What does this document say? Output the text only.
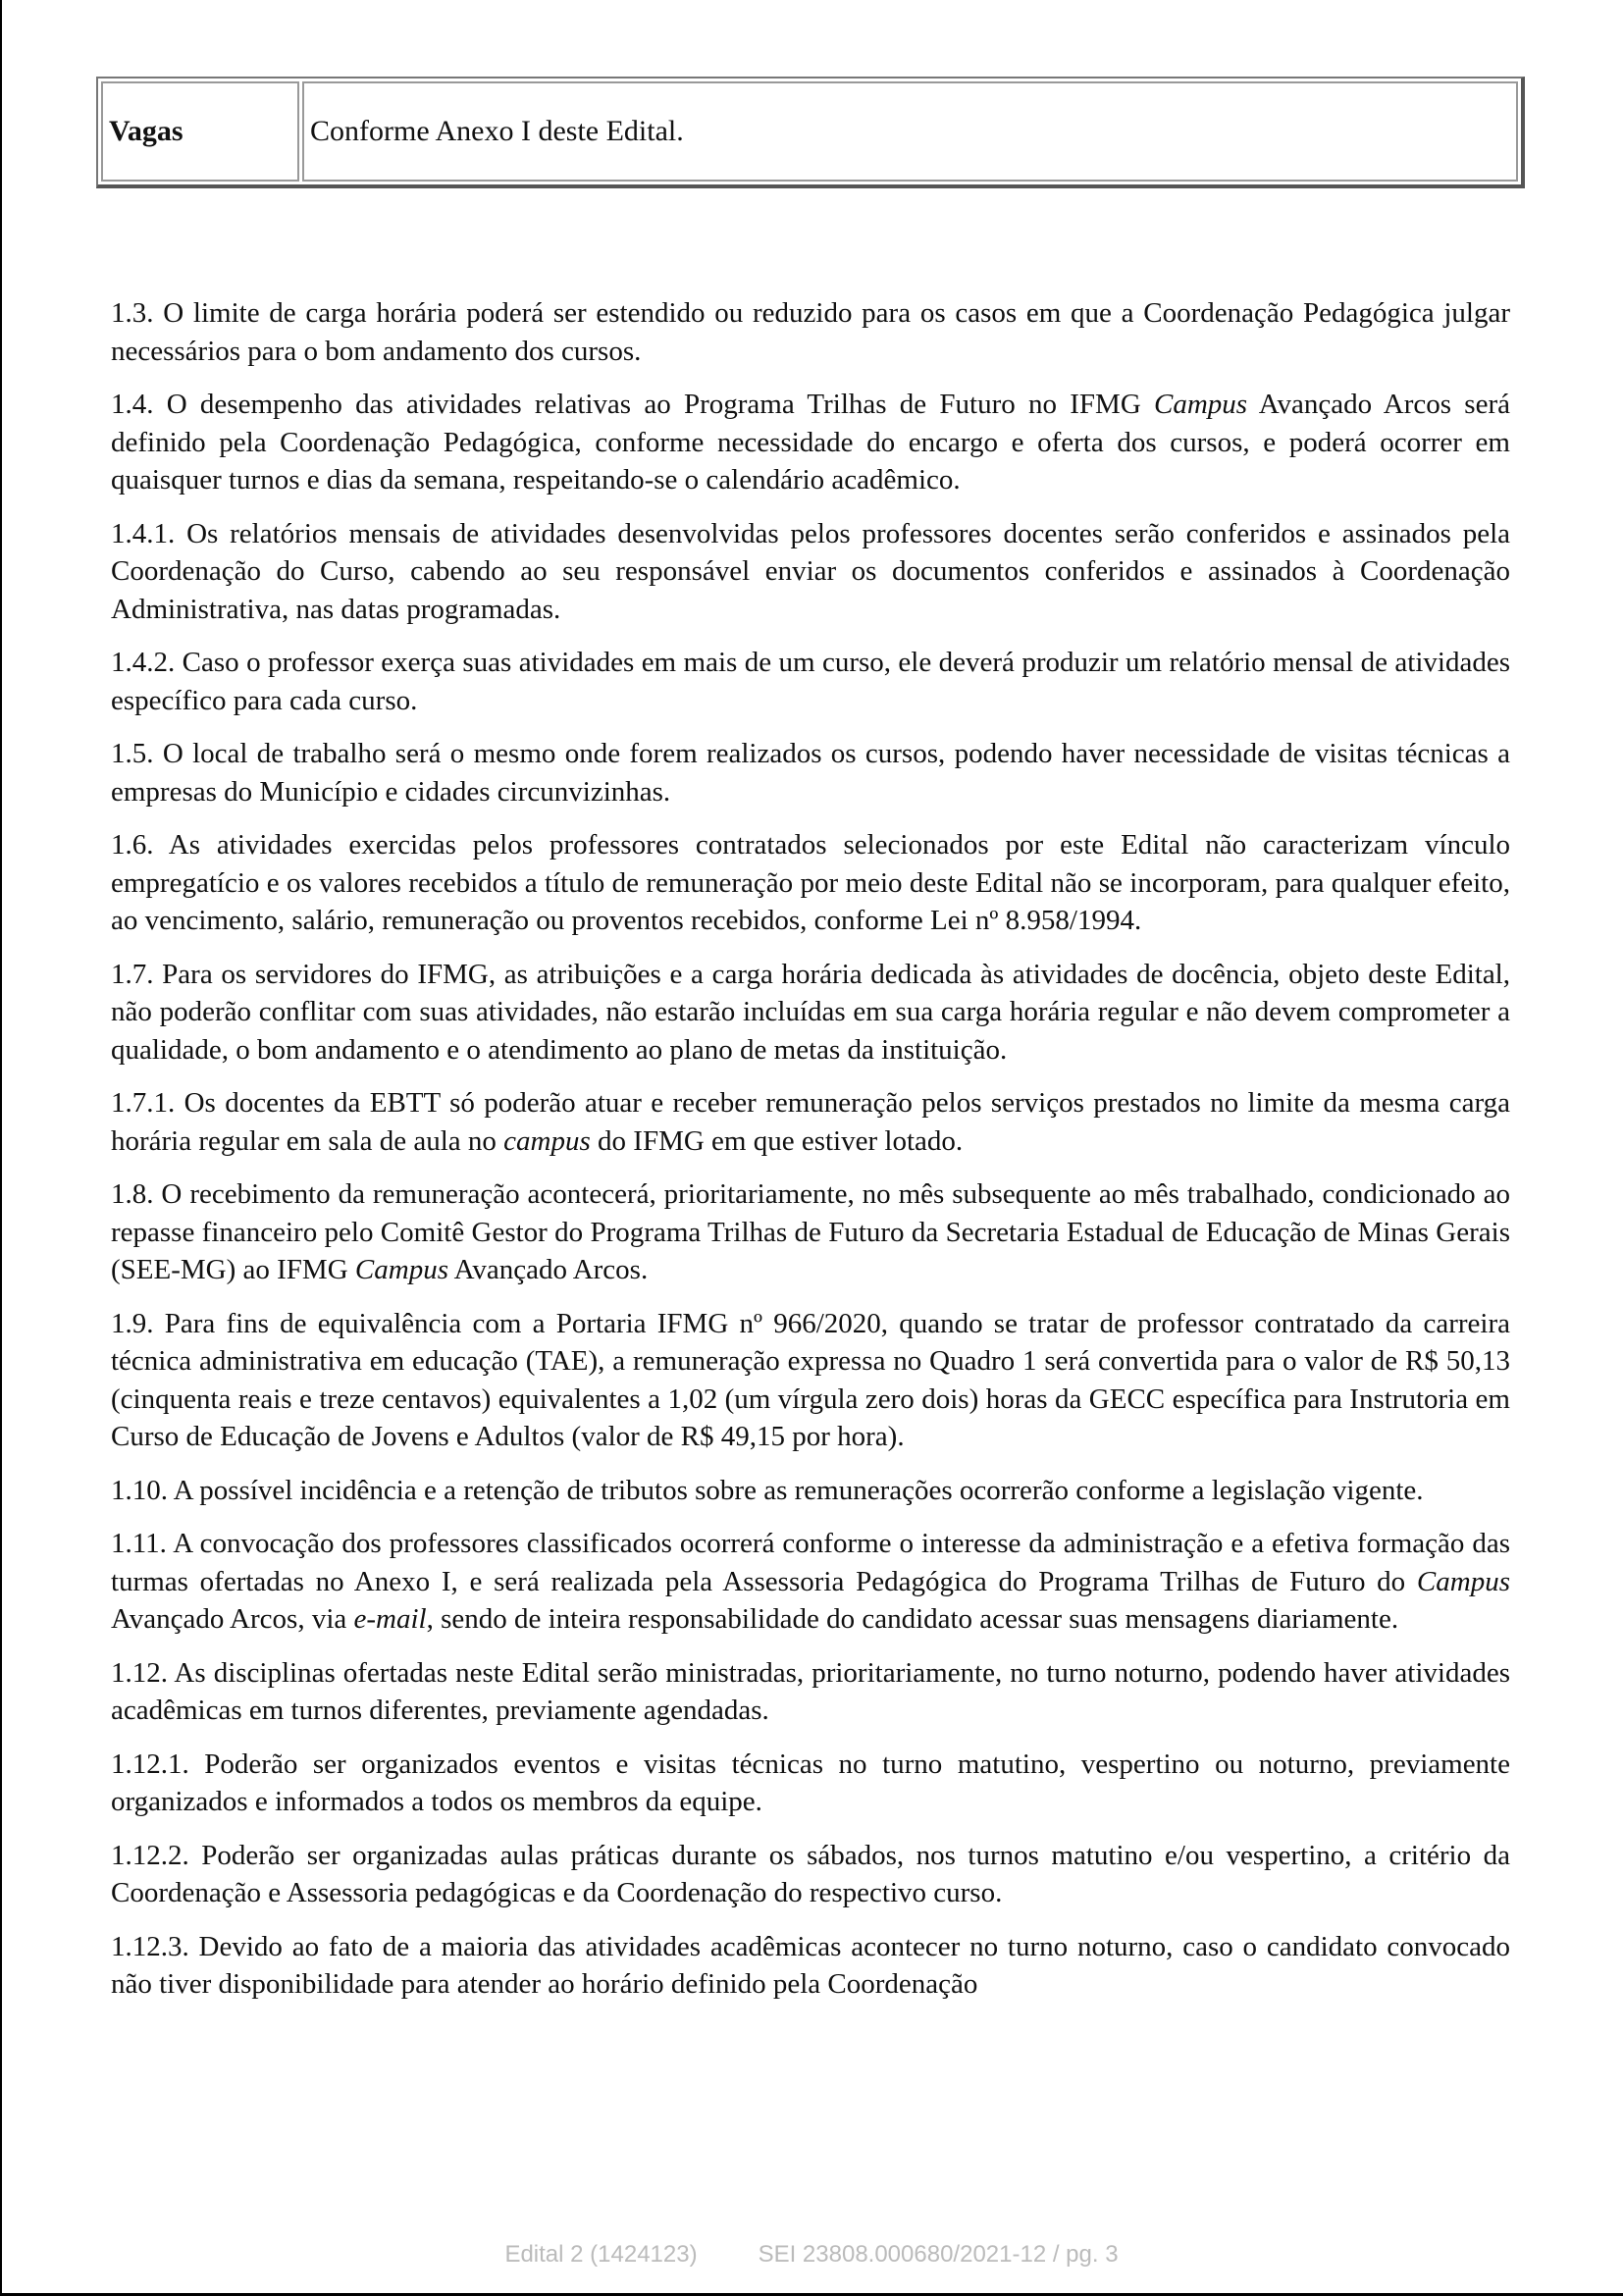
Vagas	Conforme Anexo I deste Edital.

1.3. O limite de carga horária poderá ser estendido ou reduzido para os casos em que a Coordenação Pedagógica julgar necessários para o bom andamento dos cursos.

1.4. O desempenho das atividades relativas ao Programa Trilhas de Futuro no IFMG Campus Avançado Arcos será definido pela Coordenação Pedagógica, conforme necessidade do encargo e oferta dos cursos, e poderá ocorrer em quaisquer turnos e dias da semana, respeitando-se o calendário acadêmico.

1.4.1. Os relatórios mensais de atividades desenvolvidas pelos professores docentes serão conferidos e assinados pela Coordenação do Curso, cabendo ao seu responsável enviar os documentos conferidos e assinados à Coordenação Administrativa, nas datas programadas.

1.4.2. Caso o professor exerça suas atividades em mais de um curso, ele deverá produzir um relatório mensal de atividades específico para cada curso.

1.5. O local de trabalho será o mesmo onde forem realizados os cursos, podendo haver necessidade de visitas técnicas a empresas do Município e cidades circunvizinhas.

1.6. As atividades exercidas pelos professores contratados selecionados por este Edital não caracterizam vínculo empregatício e os valores recebidos a título de remuneração por meio deste Edital não se incorporam, para qualquer efeito, ao vencimento, salário, remuneração ou proventos recebidos, conforme Lei nº 8.958/1994.

1.7. Para os servidores do IFMG, as atribuições e a carga horária dedicada às atividades de docência, objeto deste Edital, não poderão conflitar com suas atividades, não estarão incluídas em sua carga horária regular e não devem comprometer a qualidade, o bom andamento e o atendimento ao plano de metas da instituição.

1.7.1. Os docentes da EBTT só poderão atuar e receber remuneração pelos serviços prestados no limite da mesma carga horária regular em sala de aula no campus do IFMG em que estiver lotado.

1.8. O recebimento da remuneração acontecerá, prioritariamente, no mês subsequente ao mês trabalhado, condicionado ao repasse financeiro pelo Comitê Gestor do Programa Trilhas de Futuro da Secretaria Estadual de Educação de Minas Gerais (SEE-MG) ao IFMG Campus Avançado Arcos.

1.9. Para fins de equivalência com a Portaria IFMG nº 966/2020, quando se tratar de professor contratado da carreira técnica administrativa em educação (TAE), a remuneração expressa no Quadro 1 será convertida para o valor de R$ 50,13 (cinquenta reais e treze centavos) equivalentes a 1,02 (um vírgula zero dois) horas da GECC específica para Instrutoria em Curso de Educação de Jovens e Adultos (valor de R$ 49,15 por hora).

1.10. A possível incidência e a retenção de tributos sobre as remunerações ocorrerão conforme a legislação vigente.

1.11. A convocação dos professores classificados ocorrerá conforme o interesse da administração e a efetiva formação das turmas ofertadas no Anexo I, e será realizada pela Assessoria Pedagógica do Programa Trilhas de Futuro do Campus Avançado Arcos, via e-mail, sendo de inteira responsabilidade do candidato acessar suas mensagens diariamente.

1.12. As disciplinas ofertadas neste Edital serão ministradas, prioritariamente, no turno noturno, podendo haver atividades acadêmicas em turnos diferentes, previamente agendadas.

1.12.1. Poderão ser organizados eventos e visitas técnicas no turno matutino, vespertino ou noturno, previamente organizados e informados a todos os membros da equipe.

1.12.2. Poderão ser organizadas aulas práticas durante os sábados, nos turnos matutino e/ou vespertino, a critério da Coordenação e Assessoria pedagógicas e da Coordenação do respectivo curso.

1.12.3. Devido ao fato de a maioria das atividades acadêmicas acontecer no turno noturno, caso o candidato convocado não tiver disponibilidade para atender ao horário definido pela Coordenação

Edital 2 (1424123)	SEI 23808.000680/2021-12 / pg. 3
